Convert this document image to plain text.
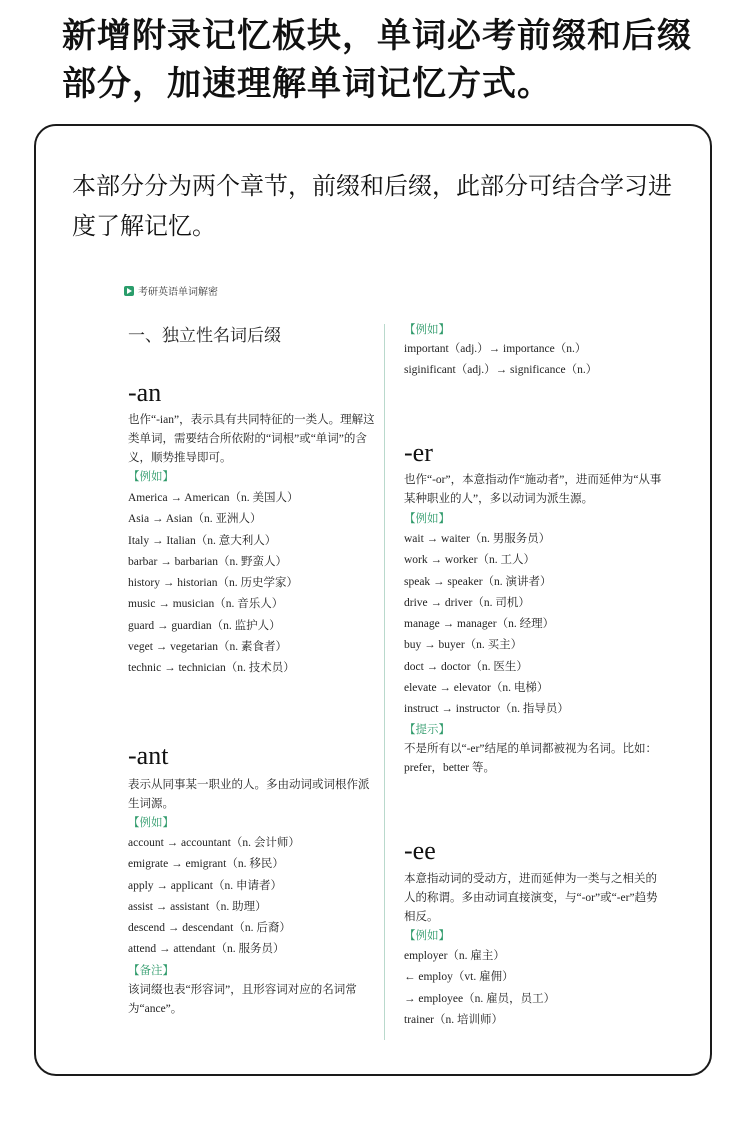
新增附录记忆板块，单词必考前缀和后缀部分，加速理解单词记忆方式。
本部分分为两个章节，前缀和后缀，此部分可结合学习进度了解记忆。
考研英语单词解密
一、独立性名词后缀
-an
也作“-ian”，表示具有共同特征的一类人。理解这类单词，需要结合所依附的“词根”或“单词”的含义，顺势推导即可。
【例如】
America → American（n. 美国人）
Asia → Asian（n. 亚洲人）
Italy → Italian（n. 意大利人）
barbar → barbarian（n. 野蛮人）
history → historian（n. 历史学家）
music → musician（n. 音乐人）
guard → guardian（n. 监护人）
veget → vegetarian（n. 素食者）
technic → technician（n. 技术员）
-ant
表示从同事某一职业的人。多由动词或词根作派生词源。
【例如】
account → accountant（n. 会计师）
emigrate → emigrant（n. 移民）
apply → applicant（n. 申请者）
assist → assistant（n. 助理）
descend → descendant（n. 后裔）
attend → attendant（n. 服务员）
【备注】
该词缀也表“形容词”，且形容词对应的名词常为“ance”。
【例如】
important（adj.）→ importance（n.）
siginificant（adj.）→ significance（n.）
-er
也作“-or”，本意指动作“施动者”，进而延伸为“从事某种职业的人”，多以动词为派生源。
【例如】
wait → waiter（n. 男服务员）
work → worker（n. 工人）
speak → speaker（n. 演讲者）
drive → driver（n. 司机）
manage → manager（n. 经理）
buy → buyer（n. 买主）
doct → doctor（n. 医生）
elevate → elevator（n. 电梯）
instruct → instructor（n. 指导员）
【提示】
不是所有以“-er”结尾的单词都被视为名词。比如：prefer，better 等。
-ee
本意指动词的受动方，进而延伸为一类与之相关的人的称谓。多由动词直接演变，与“-or”或“-er”趋势相反。
【例如】
employer（n. 雇主）
← employ（vt. 雇佣）
→ employee（n. 雇员，员工）
trainer（n. 培训师）
